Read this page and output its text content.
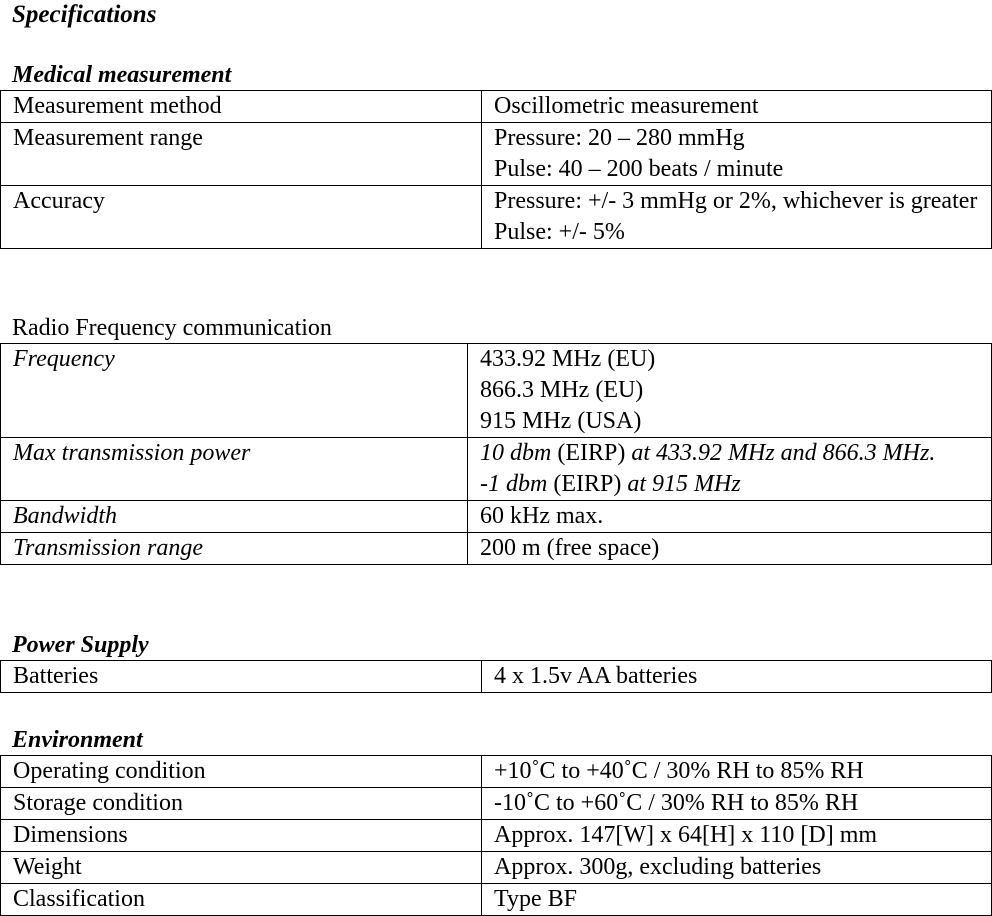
Specifications
Medical measurement
Measurement method	Oscillometric measurement

Measurement range	Pressure: 20 – 280 mmHg
Pulse: 40 – 200 beats / minute

Accuracy	Pressure: +/- 3 mmHg or 2%, whichever is greater
Pulse: +/- 5%
Radio Frequency communication
Frequency	433.92 MHz (EU)
866.3 MHz (EU)
915 MHz (USA)

Max transmission power	10 dbm (EIRP) at 433.92 MHz and 866.3 MHz.
-1 dbm (EIRP) at 915 MHz

Bandwidth	60 kHz max.

Transmission range	200 m (free space)
Power Supply
Batteries	4 x 1.5v AA batteries
Environment
Operating condition	+10˚C to +40˚C / 30% RH to 85% RH

Storage condition	-10˚C to +60˚C / 30% RH to 85% RH

Dimensions	Approx. 147[W] x 64[H] x 110 [D] mm

Weight	Approx. 300g, excluding batteries

Classification	Type BF
